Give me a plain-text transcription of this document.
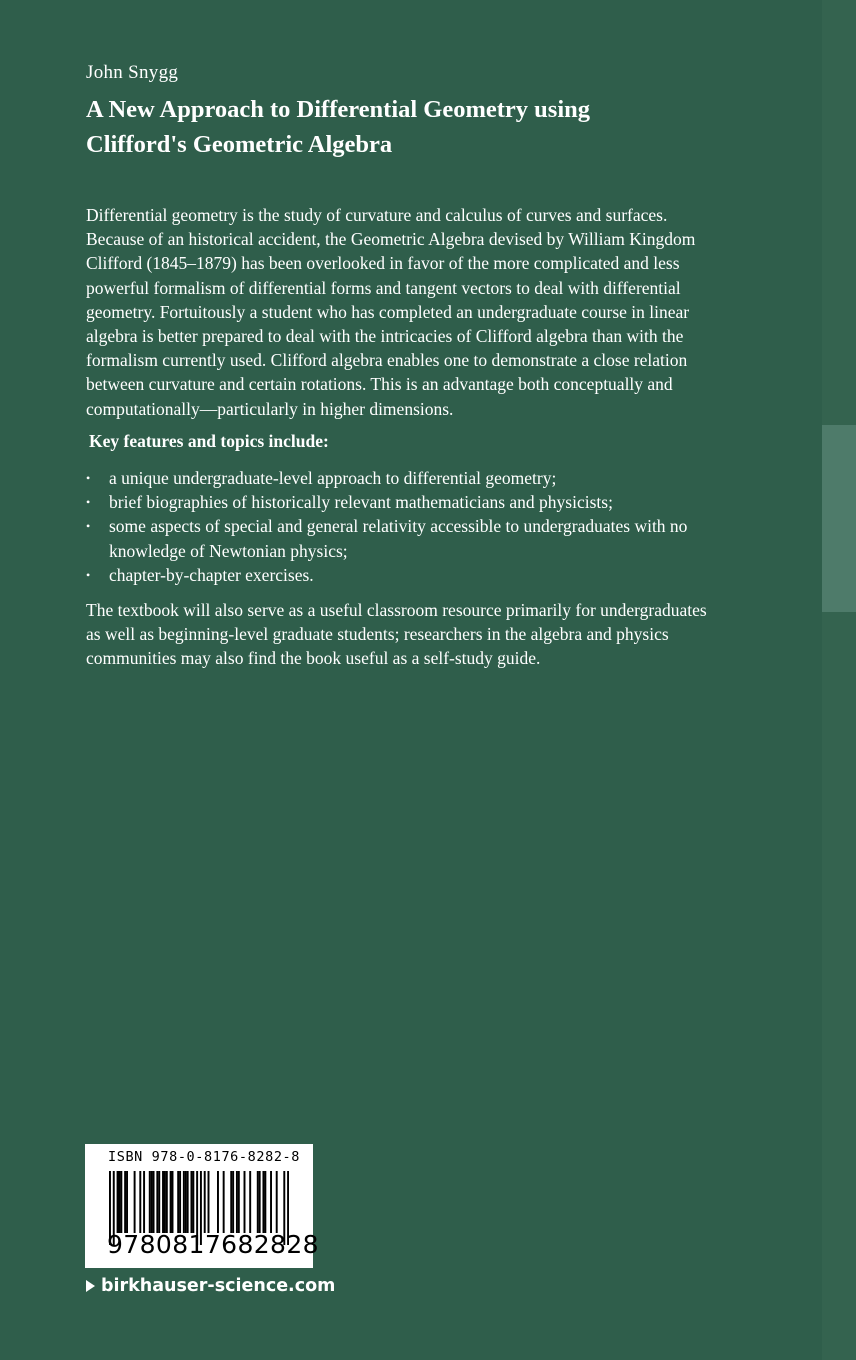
John Snygg
A New Approach to Differential Geometry using
Clifford's Geometric Algebra
Differential geometry is the study of curvature and calculus of curves and surfaces.
Because of an historical accident, the Geometric Algebra devised by William Kingdom
Clifford (1845–1879) has been overlooked in favor of the more complicated and less
powerful formalism of differential forms and tangent vectors to deal with differential
geometry. Fortuitously a student who has completed an undergraduate course in linear
algebra is better prepared to deal with the intricacies of Clifford algebra than with the
formalism currently used. Clifford algebra enables one to demonstrate a close relation
between curvature and certain rotations. This is an advantage both conceptually and
computationally—particularly in higher dimensions.
Key features and topics include:
• a unique undergraduate-level approach to differential geometry;
• brief biographies of historically relevant mathematicians and physicists;
• some aspects of special and general relativity accessible to undergraduates with no
knowledge of Newtonian physics;
• chapter-by-chapter exercises.
The textbook will also serve as a useful classroom resource primarily for undergraduates
as well as beginning-level graduate students; researchers in the algebra and physics
communities may also find the book useful as a self-study guide.
ISBN 978-0-8176-8282-8
9780817682828
birkhauser-science.com
